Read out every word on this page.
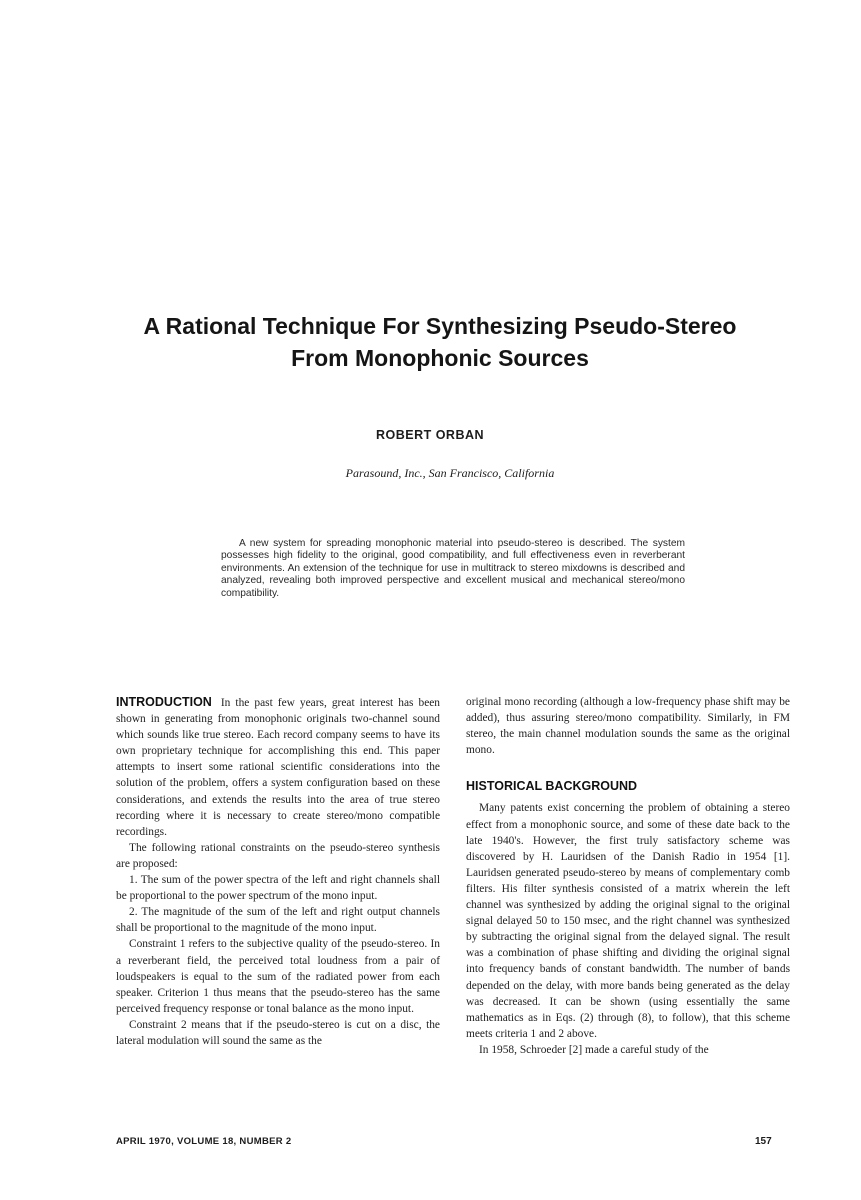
A Rational Technique For Synthesizing Pseudo-Stereo
From Monophonic Sources
ROBERT ORBAN
Parasound, Inc., San Francisco, California
A new system for spreading monophonic material into pseudo-stereo is described. The system possesses high fidelity to the original, good compatibility, and full effectiveness even in reverberant environments. An extension of the technique for use in multitrack to stereo mixdowns is described and analyzed, revealing both improved perspective and excellent musical and mechanical stereo/mono compatibility.

INTRODUCTION In the past few years, great interest has been shown in generating from monophonic originals two-channel sound which sounds like true stereo. Each record company seems to have its own proprietary technique for accomplishing this end. This paper attempts to insert some rational scientific considerations into the solution of the problem, offers a system configuration based on these considerations, and extends the results into the area of true stereo recording where it is necessary to create stereo/mono compatible recordings.

The following rational constraints on the pseudo-stereo synthesis are proposed:

1. The sum of the power spectra of the left and right channels shall be proportional to the power spectrum of the mono input.

2. The magnitude of the sum of the left and right output channels shall be proportional to the magnitude of the mono input.

Constraint 1 refers to the subjective quality of the pseudo-stereo. In a reverberant field, the perceived total loudness from a pair of loudspeakers is equal to the sum of the radiated power from each speaker. Criterion 1 thus means that the pseudo-stereo has the same perceived frequency response or tonal balance as the mono input.

Constraint 2 means that if the pseudo-stereo is cut on a disc, the lateral modulation will sound the same as the

original mono recording (although a low-frequency phase shift may be added), thus assuring stereo/mono compatibility. Similarly, in FM stereo, the main channel modulation sounds the same as the original mono.

HISTORICAL BACKGROUND

Many patents exist concerning the problem of obtaining a stereo effect from a monophonic source, and some of these date back to the late 1940's. However, the first truly satisfactory scheme was discovered by H. Lauridsen of the Danish Radio in 1954 [1]. Lauridsen generated pseudo-stereo by means of complementary comb filters. His filter synthesis consisted of a matrix wherein the left channel was synthesized by adding the original signal to the original signal delayed 50 to 150 msec, and the right channel was synthesized by subtracting the original signal from the delayed signal. The result was a combination of phase shifting and dividing the original signal into frequency bands of constant bandwidth. The number of bands depended on the delay, with more bands being generated as the delay was decreased. It can be shown (using essentially the same mathematics as in Eqs. (2) through (8), to follow), that this scheme meets criteria 1 and 2 above.

In 1958, Schroeder [2] made a careful study of the

APRIL 1970, VOLUME 18, NUMBER 2	157
